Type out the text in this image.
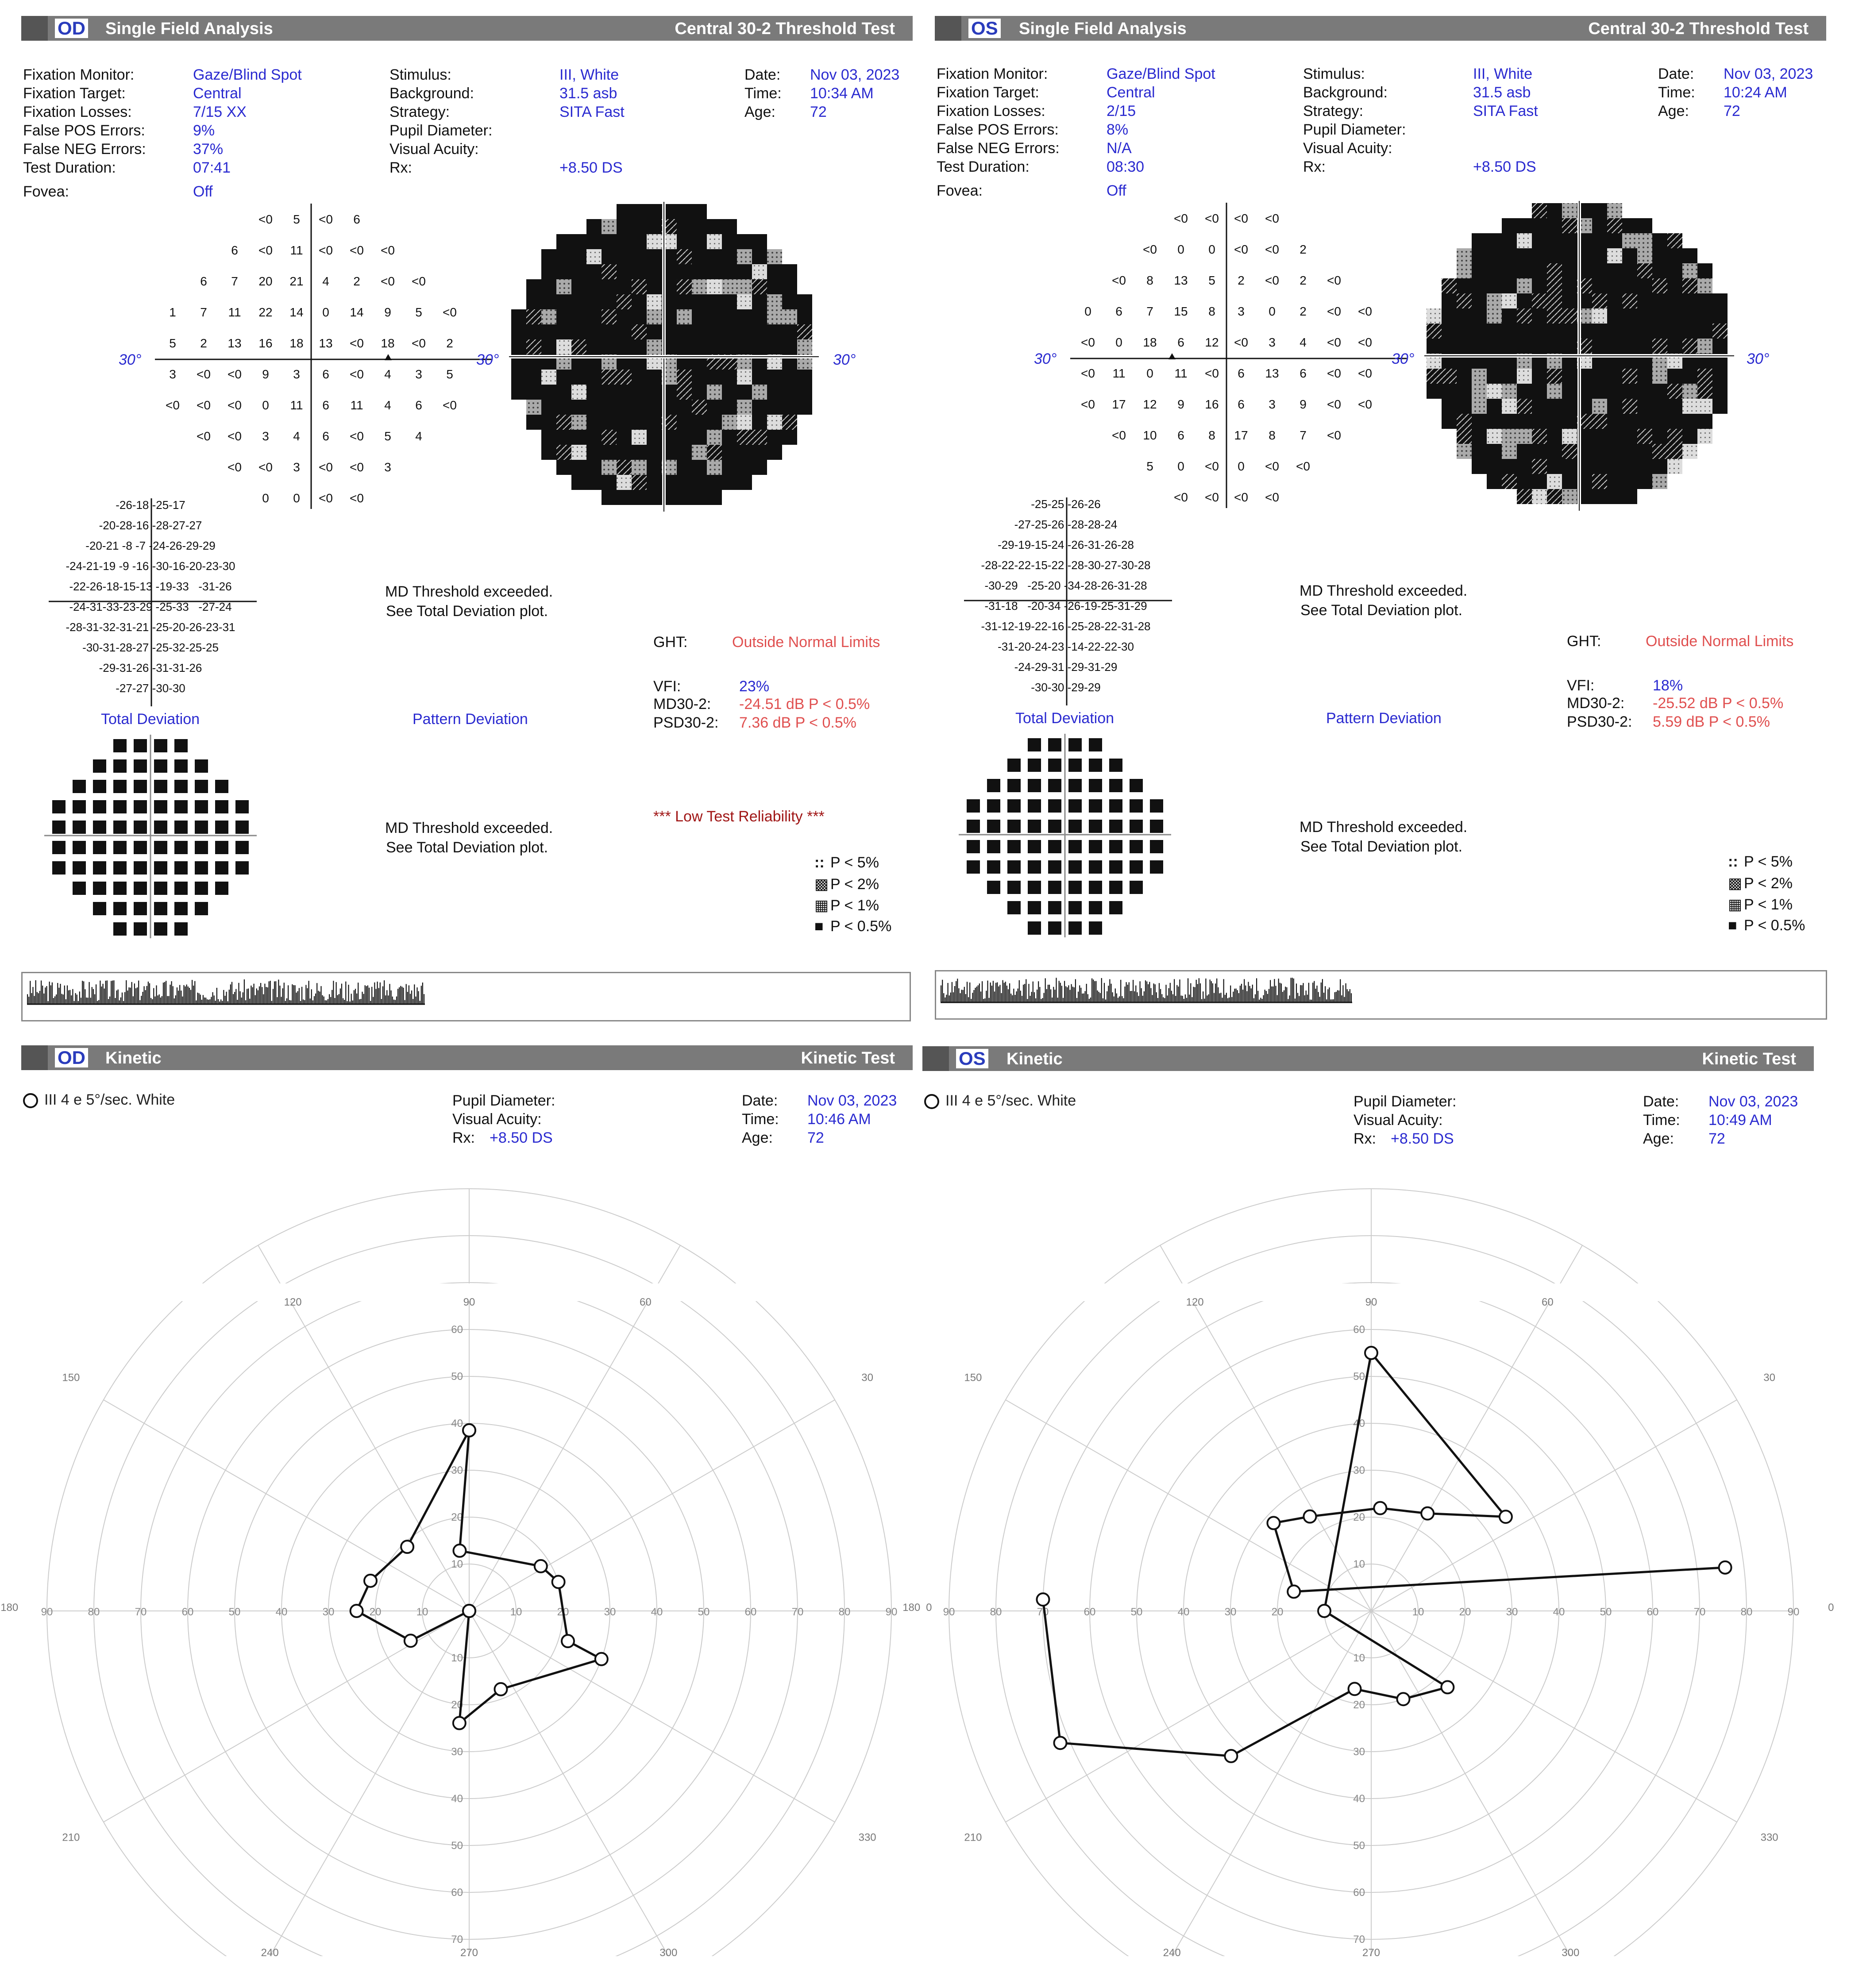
OD Single Field Analysis	Central 30-2 Threshold Test
Fixation Monitor:	Gaze/Blind Spot
Fixation Target:	Central
Fixation Losses:	7/15 XX
False POS Errors:	9%
False NEG Errors:	37%
Test Duration:	07:41
Fovea:	Off
Stimulus:	III, White
Background:	31.5 asb
Strategy:	SITA Fast
Pupil Diameter:
Visual Acuity:
Rx:	+8.50 DS
Date: Nov 03, 2023
Time: 10:34 AM
Age: 72
<0	5	<0	6
6	<0	11	<0	<0	<0
6	7	20	21	4	2	<0	<0
1	7	11	22	14	0	14	9	5	<0
5	2	13	16	18	13	<0	18	<0	2
3	<0	<0	9	3	6	<0	4	3	5
<0	<0	<0	0	11	6	11	4	6	<0
<0	<0	3	4	6	<0	5	4
<0	<0	3	<0	<0	3
0	0	<0	<0
30°	30°	30°
-26-18 -25-17
-20-28-16 -28-27-27
-20-21 -8 -7 -24-26-29-29
-24-21-19 -9 -16 -30-16-20-23-30
-22-26-18-15-13 -19-33   -31-26
-24-31-33-23-29 -25-33   -27-24
-28-31-32-31-21 -25-20-26-23-31
-30-31-28-27 -25-32-25-25
-29-31-26 -31-31-26
-27-27 -30-30
MD Threshold exceeded.
See Total Deviation plot.
GHT:	Outside Normal Limits
VFI:	23%
MD30-2: -24.51 dB P < 0.5%
PSD30-2: 7.36 dB P < 0.5%
Total Deviation	Pattern Deviation
MD Threshold exceeded.
See Total Deviation plot.
*** Low Test Reliability ***
:: P < 5%
▩ P < 2%
▦ P < 1%
■ P < 0.5%
OS Single Field Analysis	Central 30-2 Threshold Test
Fixation Monitor:	Gaze/Blind Spot
Fixation Target:	Central
Fixation Losses:	2/15
False POS Errors:	8%
False NEG Errors:	N/A
Test Duration:	08:30
Fovea:	Off
Stimulus:	III, White
Background:	31.5 asb
Strategy:	SITA Fast
Pupil Diameter:
Visual Acuity:
Rx:	+8.50 DS
Date: Nov 03, 2023
Time: 10:24 AM
Age: 72
<0	<0	<0	<0
<0	0	0	<0	<0	2
<0	8	13	5	2	<0	2	<0
0	6	7	15	8	3	0	2	<0	<0
<0	0	18	6	12	<0	3	4	<0	<0
<0	11	0	11	<0	6	13	6	<0	<0
<0	17	12	9	16	6	3	9	<0	<0
<0	10	6	8	17	8	7	<0
5	0	<0	0	<0	<0
<0	<0	<0	<0
30°	30°	30°
-25-25 -26-26
-27-25-26 -28-28-24
-29-19-15-24 -26-31-26-28
-28-22-22-15-22 -28-30-27-30-28
-30-29   -25-20 -34-28-26-31-28
-31-18   -20-34 -26-19-25-31-29
-31-12-19-22-16 -25-28-22-31-28
-31-20-24-23 -14-22-22-30
-24-29-31 -29-31-29
-30-30 -29-29
MD Threshold exceeded.
See Total Deviation plot.
GHT:	Outside Normal Limits
VFI:	18%
MD30-2: -25.52 dB P < 0.5%
PSD30-2: 5.59 dB P < 0.5%
Total Deviation	Pattern Deviation
MD Threshold exceeded.
See Total Deviation plot.
:: P < 5%
▩ P < 2%
▦ P < 1%
■ P < 0.5%
OD Kinetic	Kinetic Test
III 4 e 5°/sec. White	Pupil Diameter:
Visual Acuity:
Rx: +8.50 DS
Date: Nov 03, 2023
Time: 10:46 AM
Age: 72
OS Kinetic	Kinetic Test
III 4 e 5°/sec. White	Pupil Diameter:
Visual Acuity:
Rx: +8.50 DS
Date: Nov 03, 2023
Time: 10:49 AM
Age: 72
0
30
60
90
120
150
180
210
240	270	300
330
10	10
10
10
20	20
20
20
30	30
30
30
40	40
40
40
50	50
50
50
60	60
60
60
70	70
70
80	80
90	90	0
30
60
90
120
150
180
210
240	270	300
330
10
10
10
20	20
20
20
30	30
30
30
40	40
40
40
50	50
50
50
60	60
60
60
70	70
70
80	80
90	90
